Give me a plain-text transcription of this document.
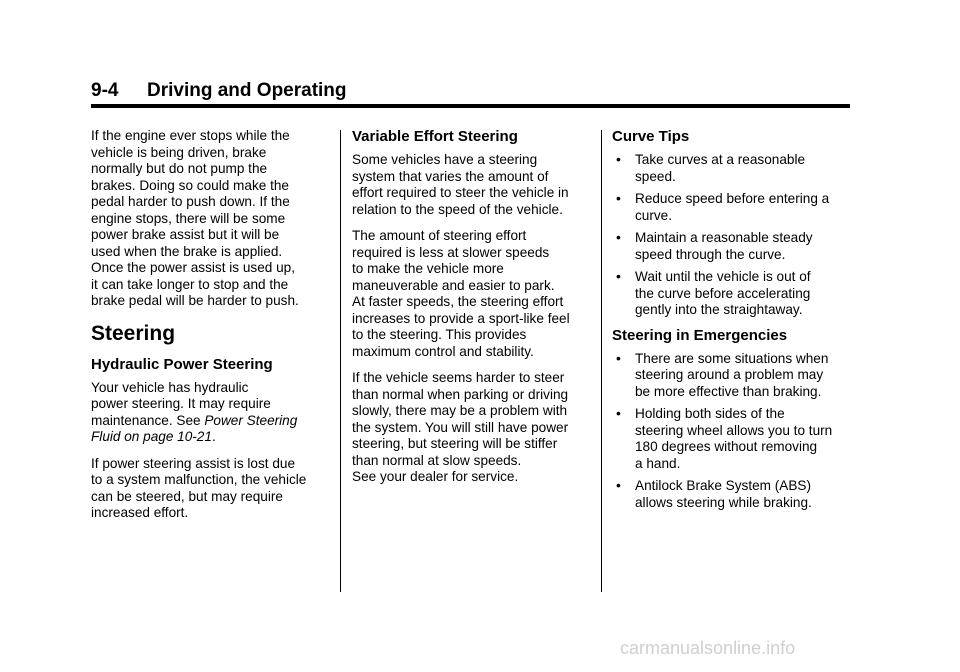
9-4 Driving and Operating

If the engine ever stops while the
vehicle is being driven, brake
normally but do not pump the
brakes. Doing so could make the
pedal harder to push down. If the
engine stops, there will be some
power brake assist but it will be
used when the brake is applied.
Once the power assist is used up,
it can take longer to stop and the
brake pedal will be harder to push.

Steering
Hydraulic Power Steering

Your vehicle has hydraulic
power steering. It may require
maintenance. See Power Steering
Fluid on page 10-21.

If power steering assist is lost due
to a system malfunction, the vehicle
can be steered, but may require
increased effort.

Variable Effort Steering

Some vehicles have a steering
system that varies the amount of
effort required to steer the vehicle in
relation to the speed of the vehicle.

The amount of steering effort
required is less at slower speeds
to make the vehicle more
maneuverable and easier to park.
At faster speeds, the steering effort
increases to provide a sport-like feel
to the steering. This provides
maximum control and stability.

If the vehicle seems harder to steer
than normal when parking or driving
slowly, there may be a problem with
the system. You will still have power
steering, but steering will be stiffer
than normal at slow speeds.
See your dealer for service.

Curve Tips
• Take curves at a reasonable
speed.
• Reduce speed before entering a
curve.
• Maintain a reasonable steady
speed through the curve.
• Wait until the vehicle is out of
the curve before accelerating
gently into the straightaway.
Steering in Emergencies
• There are some situations when
steering around a problem may
be more effective than braking.
• Holding both sides of the
steering wheel allows you to turn
180 degrees without removing
a hand.
• Antilock Brake System (ABS)
allows steering while braking.
carmanualsonline.info
